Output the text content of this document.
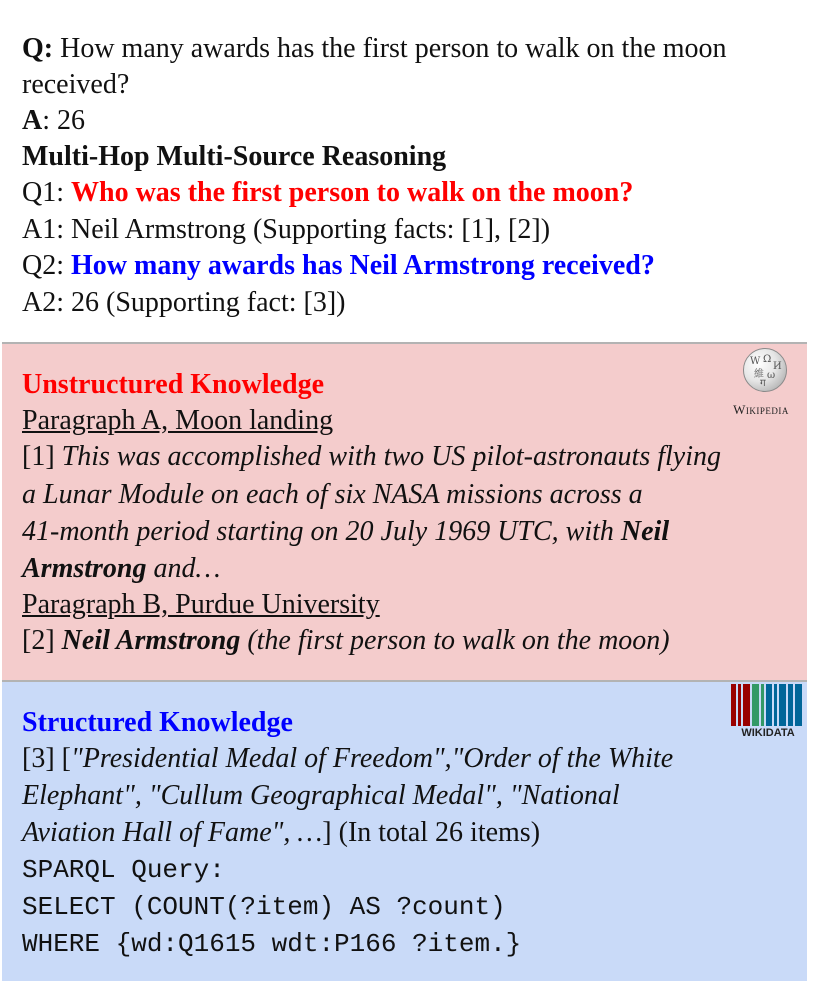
Q: How many awards has the first person to walk on the moon
received?
A: 26
Multi-Hop Multi-Source Reasoning
Q1: Who was the first person to walk on the moon?
A1: Neil Armstrong (Supporting facts: [1], [2])
Q2: How many awards has Neil Armstrong received?
A2: 26 (Supporting fact: [3])
W Ω
И
維 ω
ग
Wikipedia
Unstructured Knowledge
Paragraph A, Moon landing
[1] This was accomplished with two US pilot-astronauts flying
a Lunar Module on each of six NASA missions across a
41-month period starting on 20 July 1969 UTC, with Neil
Armstrong and…
Paragraph B, Purdue University
[2] Neil Armstrong (the first person to walk on the moon)
WIKIDATA
Structured Knowledge
[3] ["Presidential Medal of Freedom","Order of the White
Elephant", "Cullum Geographical Medal", "National
Aviation Hall of Fame", …] (In total 26 items)
SPARQL Query:
SELECT (COUNT(?item) AS ?count)
WHERE {wd:Q1615 wdt:P166 ?item.}
